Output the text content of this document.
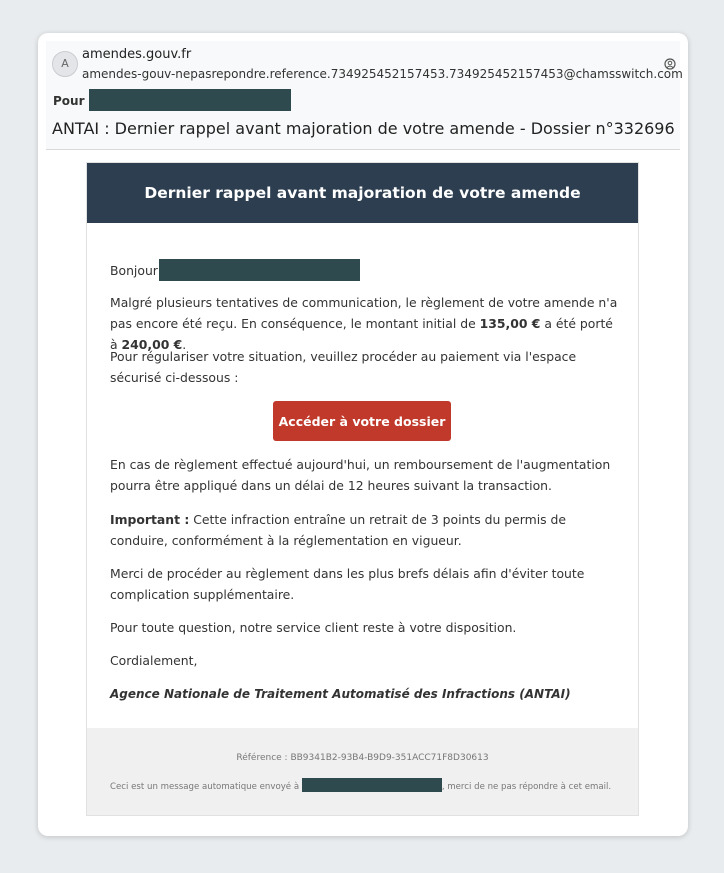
A
amendes.gouv.fr
amendes-gouv-nepasrepondre.reference.734925452157453.734925452157453@chamsswitch.com
Pour
ANTAI : Dernier rappel avant majoration de votre amende - Dossier n°332696
Dernier rappel avant majoration de votre amende
Bonjour
Malgré plusieurs tentatives de communication, le règlement de votre amende n'a pas encore été reçu. En conséquence, le montant initial de 135,00 € a été porté à 240,00 €.
Pour régulariser votre situation, veuillez procéder au paiement via l'espace sécurisé ci-dessous :
Accéder à votre dossier
En cas de règlement effectué aujourd'hui, un remboursement de l'augmentation pourra être appliqué dans un délai de 12 heures suivant la transaction.
Important : Cette infraction entraîne un retrait de 3 points du permis de conduire, conformément à la réglementation en vigueur.
Merci de procéder au règlement dans les plus brefs délais afin d'éviter toute complication supplémentaire.
Pour toute question, notre service client reste à votre disposition.
Cordialement,
Agence Nationale de Traitement Automatisé des Infractions (ANTAI)
Référence : BB9341B2-93B4-B9D9-351ACC71F8D30613
Ceci est un message automatique envoyé à	, merci de ne pas répondre à cet email.
